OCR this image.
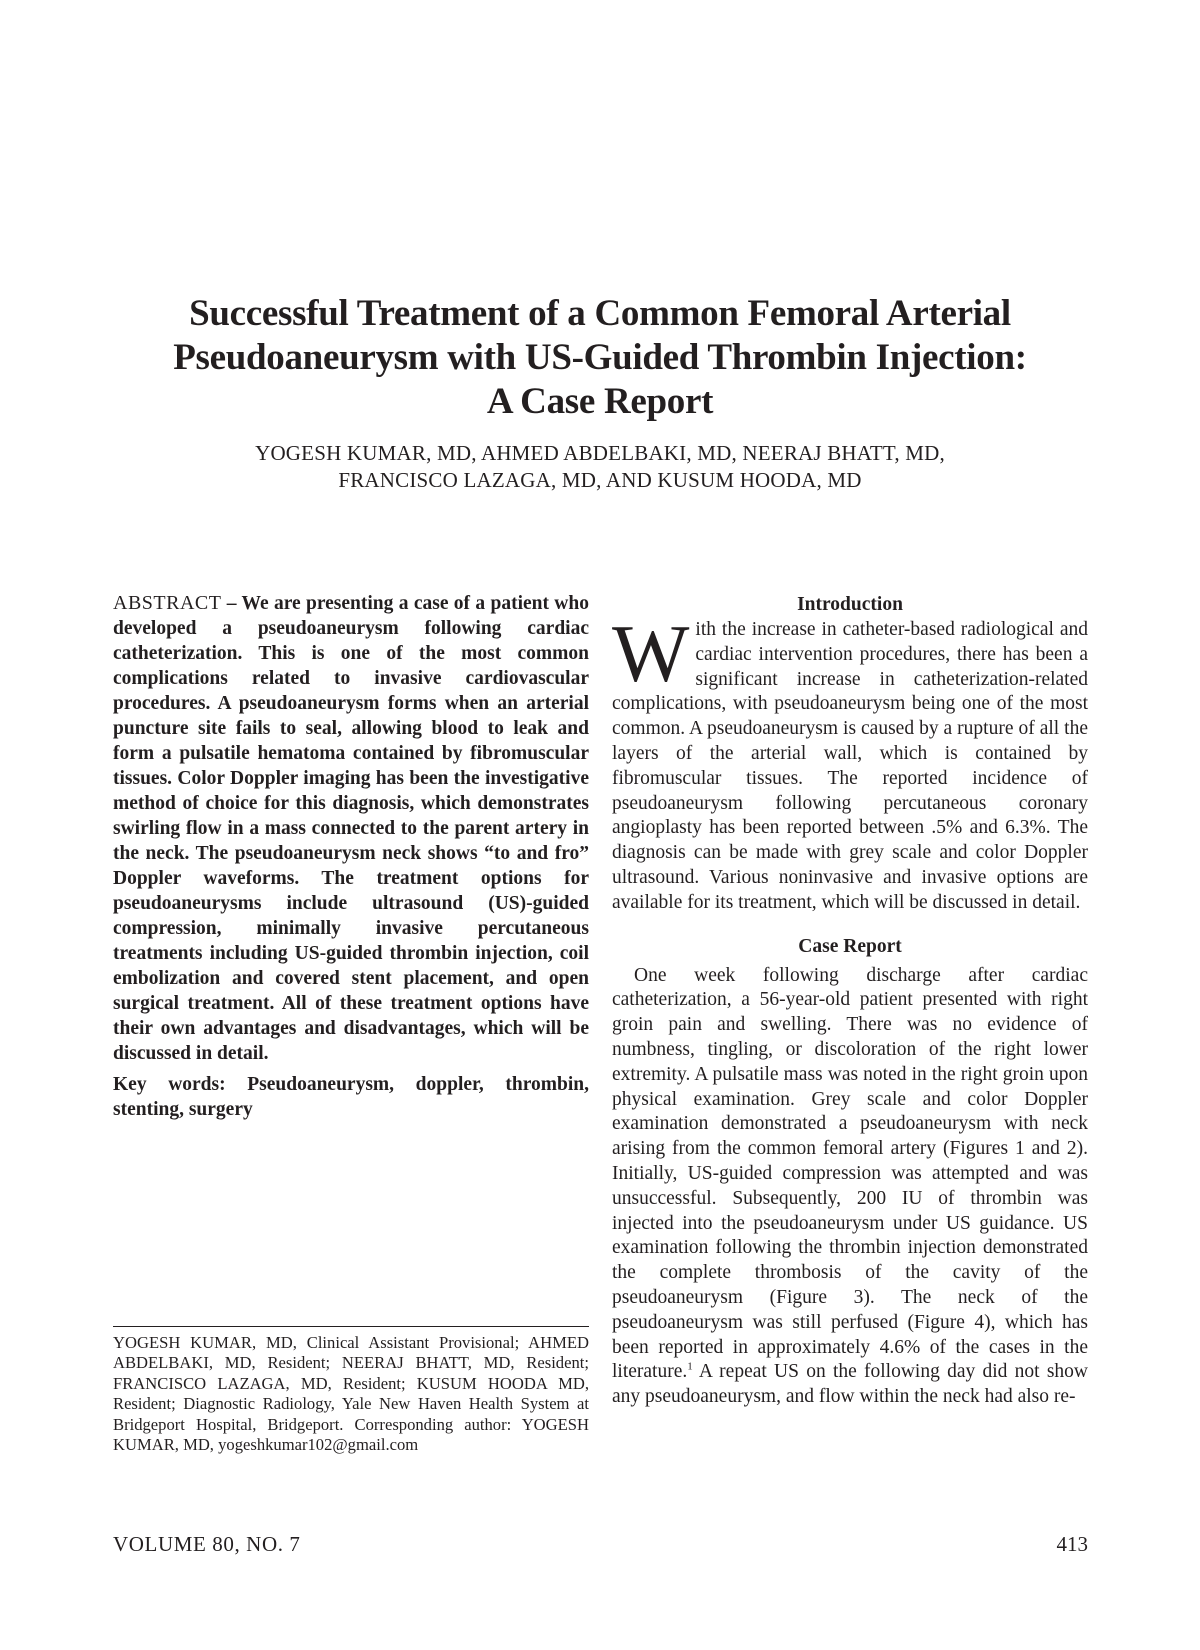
Successful Treatment of a Common Femoral Arterial
Pseudoaneurysm with US-Guided Thrombin Injection:
A Case Report
YOGESH KUMAR, MD, AHMED ABDELBAKI, MD, NEERAJ BHATT, MD,
FRANCISCO LAZAGA, MD, AND KUSUM HOODA, MD

ABSTRACT – We are presenting a case of a patient who developed a pseudoaneurysm following cardiac catheterization. This is one of the most common complications related to invasive cardiovascular procedures. A pseudoaneurysm forms when an arterial puncture site fails to seal, allowing blood to leak and form a pulsatile hematoma contained by fibromuscular tissues. Color Doppler imaging has been the investigative method of choice for this diagnosis, which demonstrates swirling flow in a mass connected to the parent artery in the neck. The pseudoaneurysm neck shows “to and fro” Doppler waveforms. The treatment options for pseudoaneurysms include ultrasound (US)-guided compression, minimally invasive percutaneous treatments including US-guided thrombin injection, coil embolization and covered stent placement, and open surgical treatment. All of these treatment options have their own advantages and disadvantages, which will be discussed in detail.

Key words: Pseudoaneurysm, doppler, thrombin, stenting, surgery

YOGESH KUMAR, MD, Clinical Assistant Provisional; AHMED ABDELBAKI, MD, Resident; NEERAJ BHATT, MD, Resident; FRANCISCO LAZAGA, MD, Resident; KUSUM HOODA MD, Resident; Diagnostic Radiology, Yale New Haven Health System at Bridgeport Hospital, Bridgeport. Corresponding author: YOGESH KUMAR, MD, yogeshkumar102@gmail.com

Introduction

With the increase in catheter-based radiological and cardiac intervention procedures, there has been a significant increase in catheterization-related complications, with pseudoaneurysm being one of the most common. A pseudoaneurysm is caused by a rupture of all the layers of the arterial wall, which is contained by fibromuscular tissues. The reported incidence of pseudoaneurysm following percutaneous coronary angioplasty has been reported between .5% and 6.3%. The diagnosis can be made with grey scale and color Doppler ultrasound. Various noninvasive and invasive options are available for its treatment, which will be discussed in detail.

Case Report

One week following discharge after cardiac catheterization, a 56-year-old patient presented with right groin pain and swelling. There was no evidence of numbness, tingling, or discoloration of the right lower extremity. A pulsatile mass was noted in the right groin upon physical examination. Grey scale and color Doppler examination demonstrated a pseudoaneurysm with neck arising from the common femoral artery (Figures 1 and 2). Initially, US-guided compression was attempted and was unsuccessful. Subsequently, 200 IU of thrombin was injected into the pseudoaneurysm under US guidance. US examination following the thrombin injection demonstrated the complete thrombosis of the cavity of the pseudoaneurysm (Figure 3). The neck of the pseudoaneurysm was still perfused (Figure 4), which has been reported in approximately 4.6% of the cases in the literature.$^1$ A repeat US on the following day did not show any pseudoaneurysm, and flow within the neck had also re-

VOLUME 80, NO. 7	413
